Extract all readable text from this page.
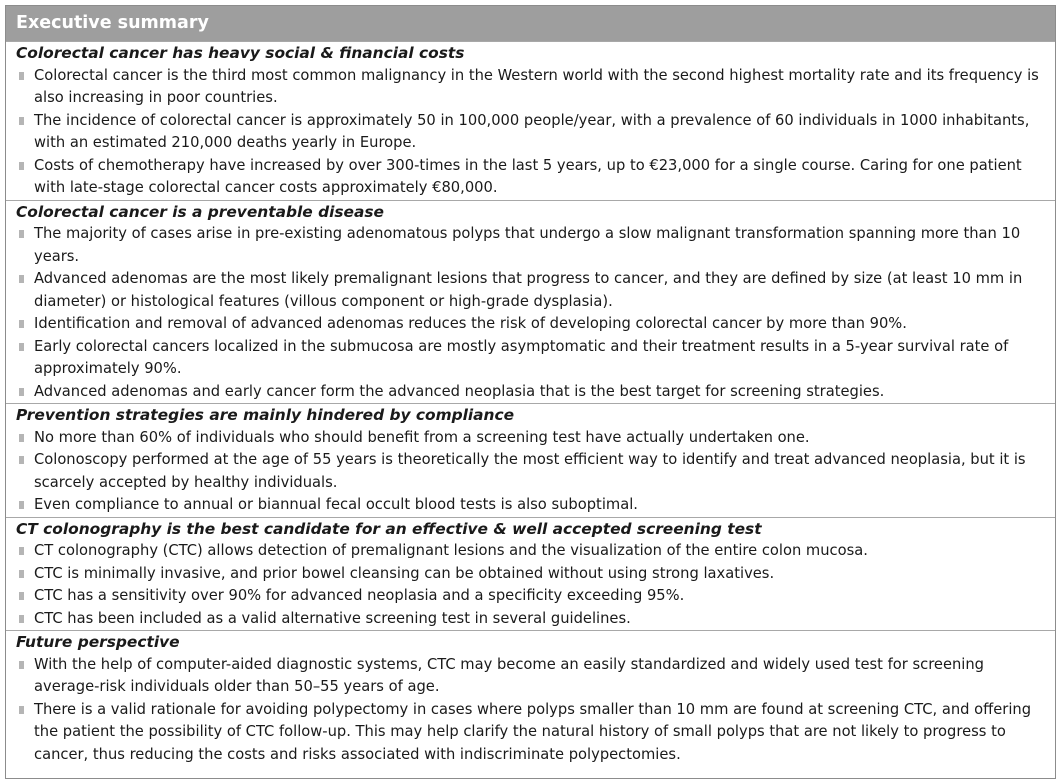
Executive summary

Colorectal cancer has heavy social & financial costs

Colorectal cancer is the third most common malignancy in the Western world with the second highest mortality rate and its frequency is also increasing in poor countries.
The incidence of colorectal cancer is approximately 50 in 100,000 people/year, with a prevalence of 60 individuals in 1000 inhabitants, with an estimated 210,000 deaths yearly in Europe.
Costs of chemotherapy have increased by over 300-times in the last 5 years, up to €23,000 for a single course. Caring for one patient with late-stage colorectal cancer costs approximately €80,000.

Colorectal cancer is a preventable disease

The majority of cases arise in pre-existing adenomatous polyps that undergo a slow malignant transformation spanning more than 10 years.
Advanced adenomas are the most likely premalignant lesions that progress to cancer, and they are defined by size (at least 10 mm in diameter) or histological features (villous component or high-grade dysplasia).
Identification and removal of advanced adenomas reduces the risk of developing colorectal cancer by more than 90%.
Early colorectal cancers localized in the submucosa are mostly asymptomatic and their treatment results in a 5-year survival rate of approximately 90%.
Advanced adenomas and early cancer form the advanced neoplasia that is the best target for screening strategies.

Prevention strategies are mainly hindered by compliance

No more than 60% of individuals who should benefit from a screening test have actually undertaken one.
Colonoscopy performed at the age of 55 years is theoretically the most efficient way to identify and treat advanced neoplasia, but it is scarcely accepted by healthy individuals.
Even compliance to annual or biannual fecal occult blood tests is also suboptimal.

CT colonography is the best candidate for an effective & well accepted screening test

CT colonography (CTC) allows detection of premalignant lesions and the visualization of the entire colon mucosa.
CTC is minimally invasive, and prior bowel cleansing can be obtained without using strong laxatives.
CTC has a sensitivity over 90% for advanced neoplasia and a specificity exceeding 95%.
CTC has been included as a valid alternative screening test in several guidelines.

Future perspective

With the help of computer-aided diagnostic systems, CTC may become an easily standardized and widely used test for screening average-risk individuals older than 50–55 years of age.
There is a valid rationale for avoiding polypectomy in cases where polyps smaller than 10 mm are found at screening CTC, and offering the patient the possibility of CTC follow-up. This may help clarify the natural history of small polyps that are not likely to progress to cancer, thus reducing the costs and risks associated with indiscriminate polypectomies.
